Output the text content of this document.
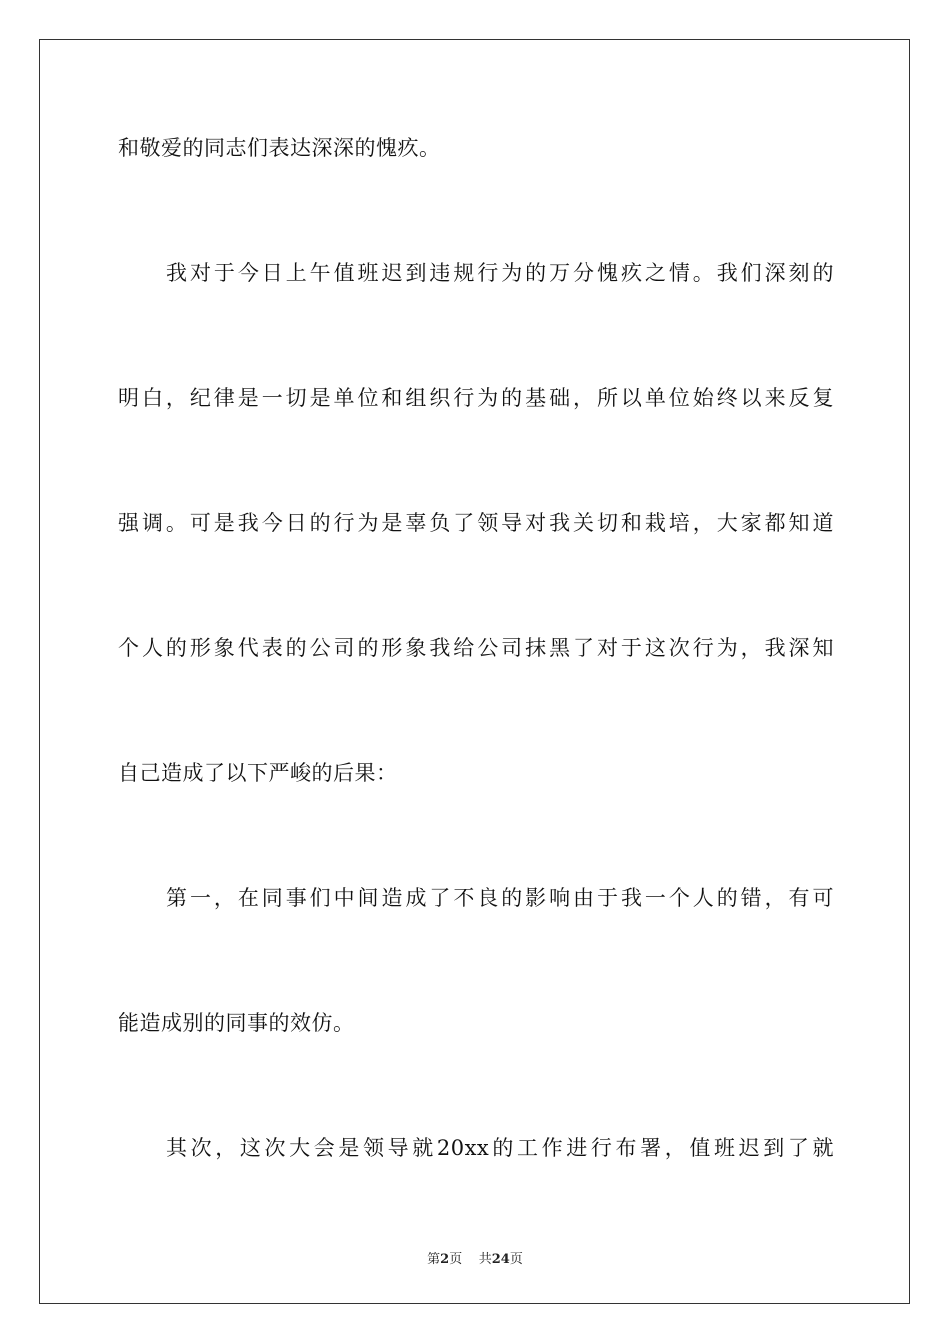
和敬爱的同志们表达深深的愧疚。
我对于今日上午值班迟到违规行为的万分愧疚之情。我们深刻的
明白，纪律是一切是单位和组织行为的基础，所以单位始终以来反复
强调。可是我今日的行为是辜负了领导对我关切和栽培，大家都知道
个人的形象代表的公司的形象我给公司抹黑了对于这次行为，我深知
自己造成了以下严峻的后果：
第一，在同事们中间造成了不良的影响由于我一个人的错，有可
能造成别的同事的效仿。
其次，这次大会是领导就20xx的工作进行布署，值班迟到了就
第2页 共24页
